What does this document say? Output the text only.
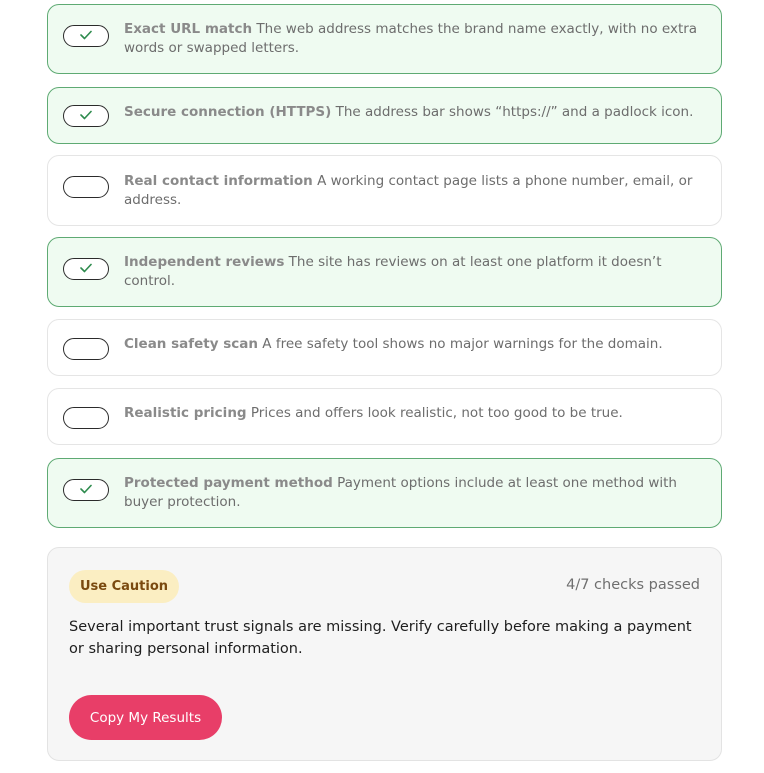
Exact URL match The web address matches the brand name exactly, with no extra words or swapped letters.
Secure connection (HTTPS) The address bar shows “https://” and a padlock icon.
Real contact information A working contact page lists a phone number, email, or address.
Independent reviews The site has reviews on at least one platform it doesn’t control.
Clean safety scan A free safety tool shows no major warnings for the domain.
Realistic pricing Prices and offers look realistic, not too good to be true.
Protected payment method Payment options include at least one method with buyer protection.
Use Caution	4/7 checks passed
Several important trust signals are missing. Verify carefully before making a payment or sharing personal information.
Copy My Results
